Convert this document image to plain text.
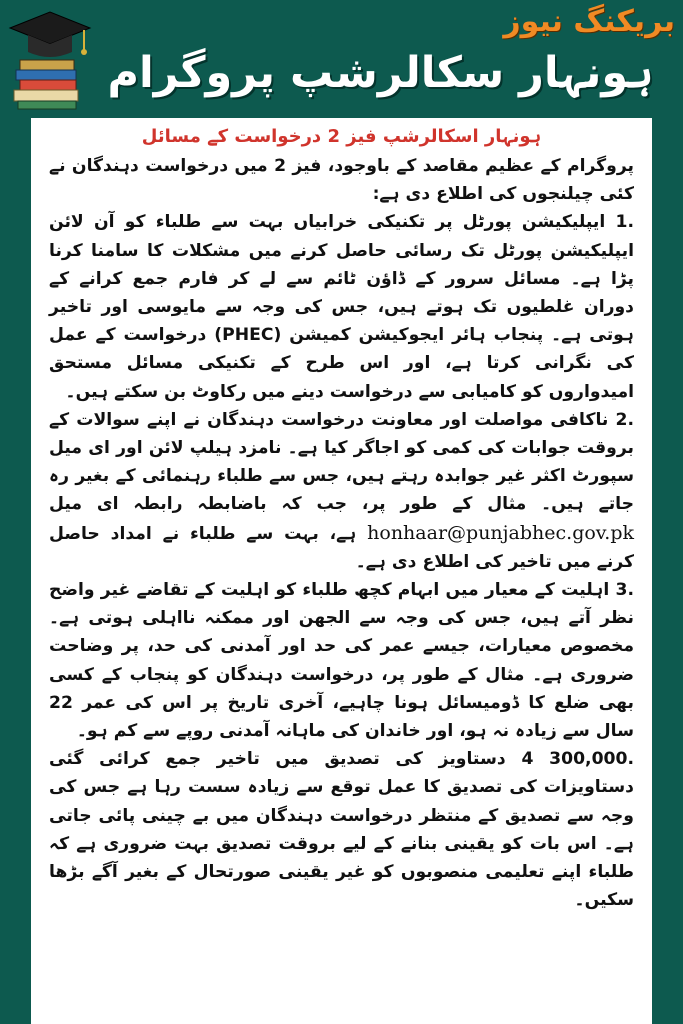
بریکنگ نیوز
ہونہار سکالرشپ پروگرام

ہونہار اسکالرشپ فیز 2 درخواست کے مسائل

پروگرام کے عظیم مقاصد کے باوجود، فیز 2 میں درخواست دہندگان نے کئی چیلنجوں کی اطلاع دی ہے:

1. ایپلیکیشن پورٹل پر تکنیکی خرابیاں بہت سے طلباء کو آن لائن ایپلیکیشن پورٹل تک رسائی حاصل کرنے میں مشکلات کا سامنا کرنا پڑا ہے۔ مسائل سرور کے ڈاؤن ٹائم سے لے کر فارم جمع کرانے کے دوران غلطیوں تک ہوتے ہیں، جس کی وجہ سے مایوسی اور تاخیر ہوتی ہے۔ پنجاب ہائر ایجوکیشن کمیشن (PHEC) درخواست کے عمل کی نگرانی کرتا ہے، اور اس طرح کے تکنیکی مسائل مستحق امیدواروں کو کامیابی سے درخواست دینے میں رکاوٹ بن سکتے ہیں۔

2. ناکافی مواصلت اور معاونت درخواست دہندگان نے اپنے سوالات کے بروقت جوابات کی کمی کو اجاگر کیا ہے۔ نامزد ہیلپ لائن اور ای میل سپورٹ اکثر غیر جوابدہ رہتے ہیں، جس سے طلباء رہنمائی کے بغیر رہ جاتے ہیں۔ مثال کے طور پر، جب کہ باضابطہ رابطہ ای میل honhaar@punjabhec.gov.pk ہے، بہت سے طلباء نے امداد حاصل کرنے میں تاخیر کی اطلاع دی ہے۔

3. اہلیت کے معیار میں ابہام کچھ طلباء کو اہلیت کے تقاضے غیر واضح نظر آتے ہیں، جس کی وجہ سے الجھن اور ممکنہ نااہلی ہوتی ہے۔ مخصوص معیارات، جیسے عمر کی حد اور آمدنی کی حد، پر وضاحت ضروری ہے۔ مثال کے طور پر، درخواست دہندگان کو پنجاب کے کسی بھی ضلع کا ڈومیسائل ہونا چاہیے، آخری تاریخ پر اس کی عمر 22 سال سے زیادہ نہ ہو، اور خاندان کی ماہانہ آمدنی روپے سے کم ہو۔

4 300,000. دستاویز کی تصدیق میں تاخیر جمع کرائی گئی دستاویزات کی تصدیق کا عمل توقع سے زیادہ سست رہا ہے جس کی وجہ سے تصدیق کے منتظر درخواست دہندگان میں بے چینی پائی جاتی ہے۔ اس بات کو یقینی بنانے کے لیے بروقت تصدیق بہت ضروری ہے کہ طلباء اپنے تعلیمی منصوبوں کو غیر یقینی صورتحال کے بغیر آگے بڑھا سکیں۔
